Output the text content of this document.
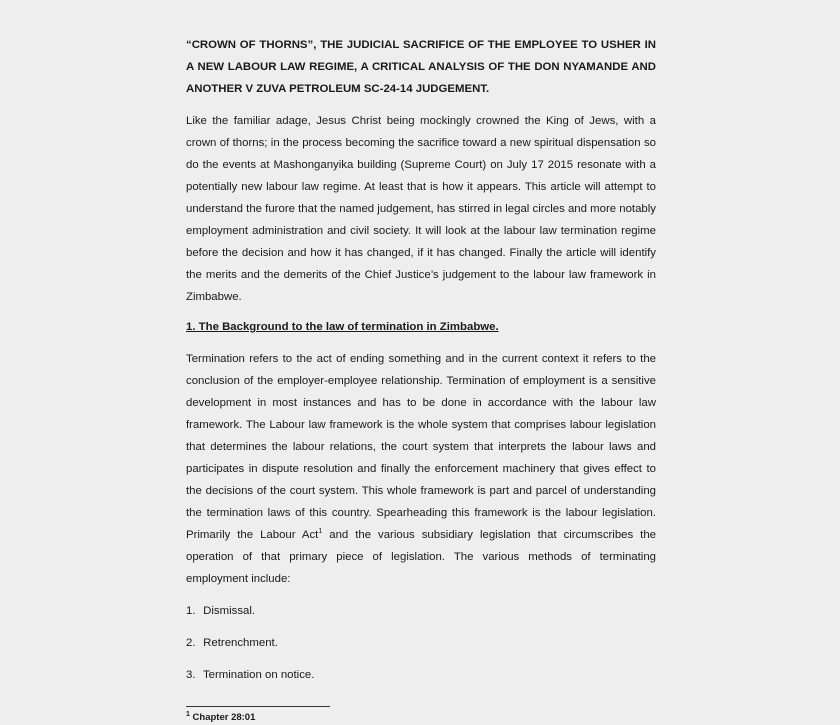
“CROWN OF THORNS”, THE JUDICIAL SACRIFICE OF THE EMPLOYEE TO USHER IN A NEW LABOUR LAW REGIME, A CRITICAL ANALYSIS OF THE DON NYAMANDE AND ANOTHER V ZUVA PETROLEUM SC-24-14 JUDGEMENT.

Like the familiar adage, Jesus Christ being mockingly crowned the King of Jews, with a crown of thorns; in the process becoming the sacrifice toward a new spiritual dispensation so do the events at Mashonganyika building (Supreme Court) on July 17 2015 resonate with a potentially new labour law regime. At least that is how it appears. This article will attempt to understand the furore that the named judgement, has stirred in legal circles and more notably employment administration and civil society. It will look at the labour law termination regime before the decision and how it has changed, if it has changed. Finally the article will identify the merits and the demerits of the Chief Justice’s judgement to the labour law framework in Zimbabwe.

1. The Background to the law of termination in Zimbabwe.

Termination refers to the act of ending something and in the current context it refers to the conclusion of the employer-employee relationship. Termination of employment is a sensitive development in most instances and has to be done in accordance with the labour law framework. The Labour law framework is the whole system that comprises labour legislation that determines the labour relations, the court system that interprets the labour laws and participates in dispute resolution and finally the enforcement machinery that gives effect to the decisions of the court system. This whole framework is part and parcel of understanding the termination laws of this country. Spearheading this framework is the labour legislation. Primarily the Labour Act$^1$ and the various subsidiary legislation that circumscribes the operation of that primary piece of legislation. The various methods of terminating employment include:

1. Dismissal.
2. Retrenchment.
3. Termination on notice.
$^1$ Chapter 28:01
